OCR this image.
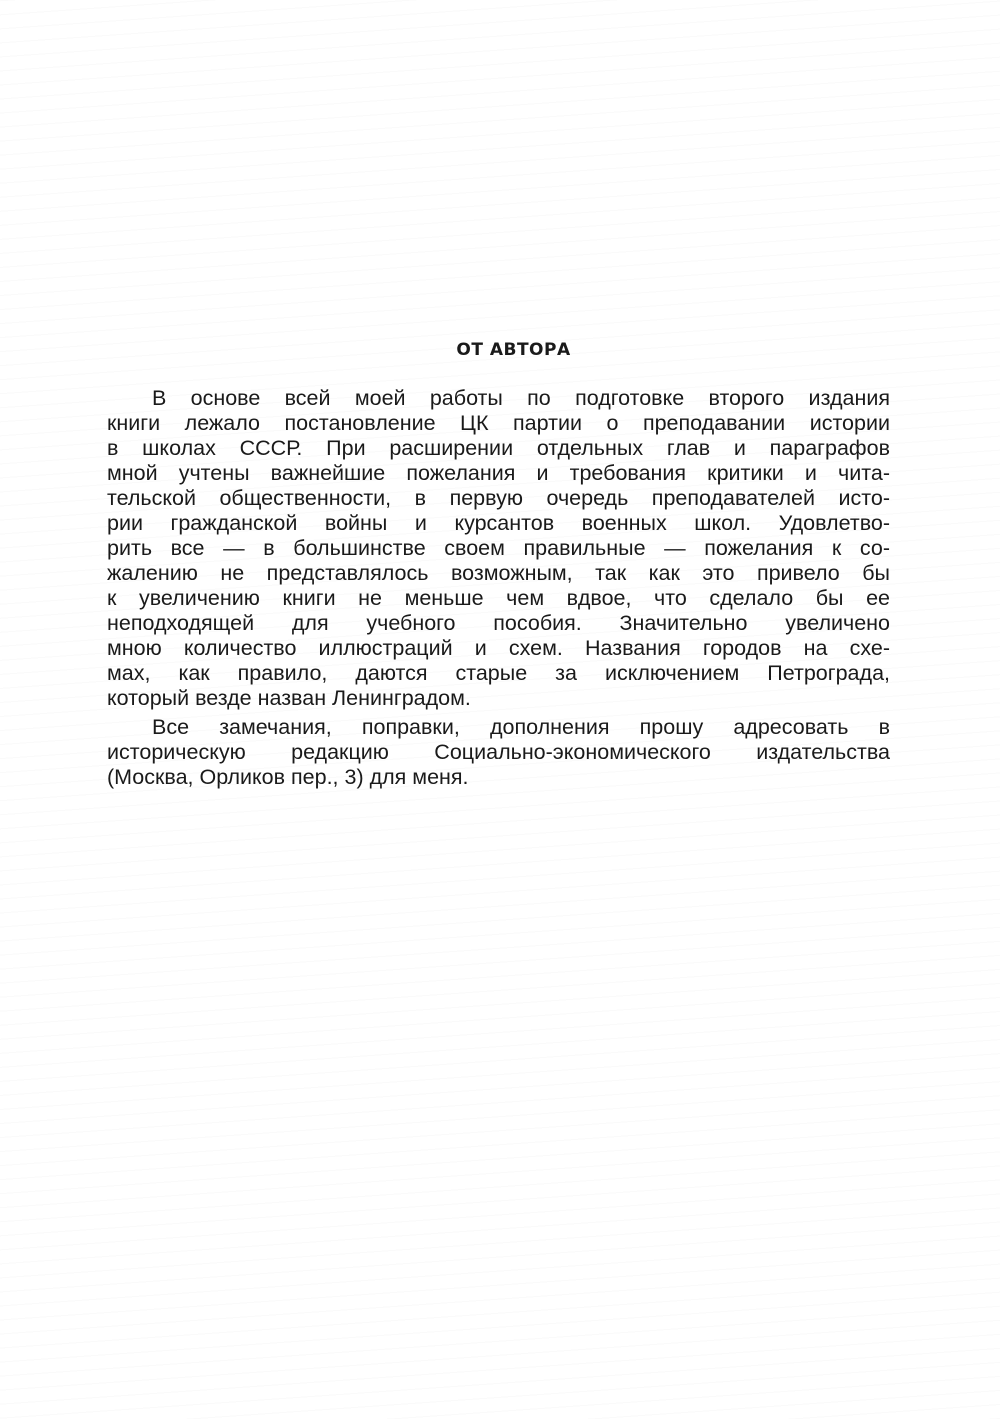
ОТ АВТОРА
В основе всей моей работы по подготовке второго издания
книги лежало постановление ЦК партии о преподавании истории
в школах СССР. При расширении отдельных глав и параграфов
мной учтены важнейшие пожелания и требования критики и чита-
тельской общественности, в первую очередь преподавателей исто-
рии гражданской войны и курсантов военных школ. Удовлетво-
рить все — в большинстве своем правильные — пожелания к со-
жалению не представлялось возможным, так как это привело бы
к увеличению книги не меньше чем вдвое, что сделало бы ее
неподходящей для учебного пособия. Значительно увеличено
мною количество иллюстраций и схем. Названия городов на схе-
мах, как правило, даются старые за исключением Петрограда,
который везде назван Ленинградом.
Все замечания, поправки, дополнения прошу адресовать в
историческую редакцию Социально-экономического издательства
(Москва, Орликов пер., 3) для меня.
